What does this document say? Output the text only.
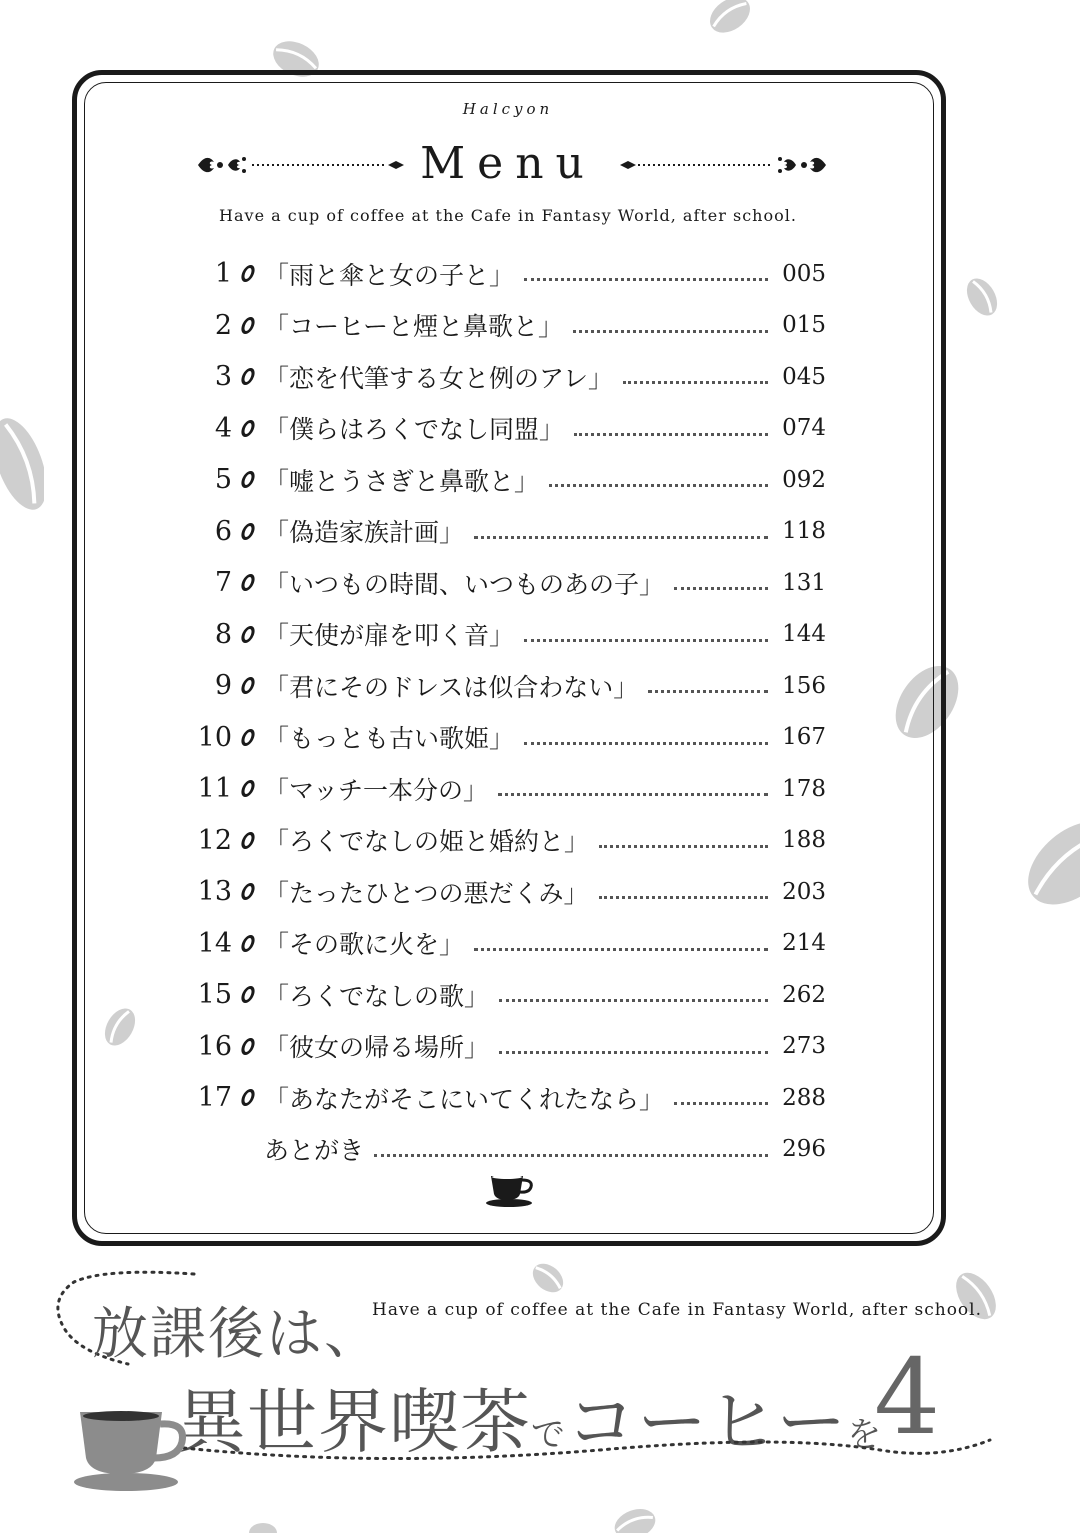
Halcyon
Menu
Have a cup of coffee at the Cafe in Fantasy World, after school.
1 「雨と傘と女の子と」	005
2 「コーヒーと煙と鼻歌と」	015
3 「恋を代筆する女と例のアレ」	045
4 「僕らはろくでなし同盟」	074
5 「嘘とうさぎと鼻歌と」	092
6 「偽造家族計画」	118
7 「いつもの時間、いつものあの子」	131
8 「天使が扉を叩く音」	144
9 「君にそのドレスは似合わない」	156
10 「もっとも古い歌姫」	167
11 「マッチ一本分の」	178
12 「ろくでなしの姫と婚約と」	188
13 「たったひとつの悪だくみ」	203
14 「その歌に火を」	214
15 「ろくでなしの歌」	262
16 「彼女の帰る場所」	273
17 「あなたがそこにいてくれたなら」	288
あとがき	296
放課後は、
Have a cup of coffee at the Cafe in Fantasy World, after school.
異世界喫茶でコーヒーを
4
